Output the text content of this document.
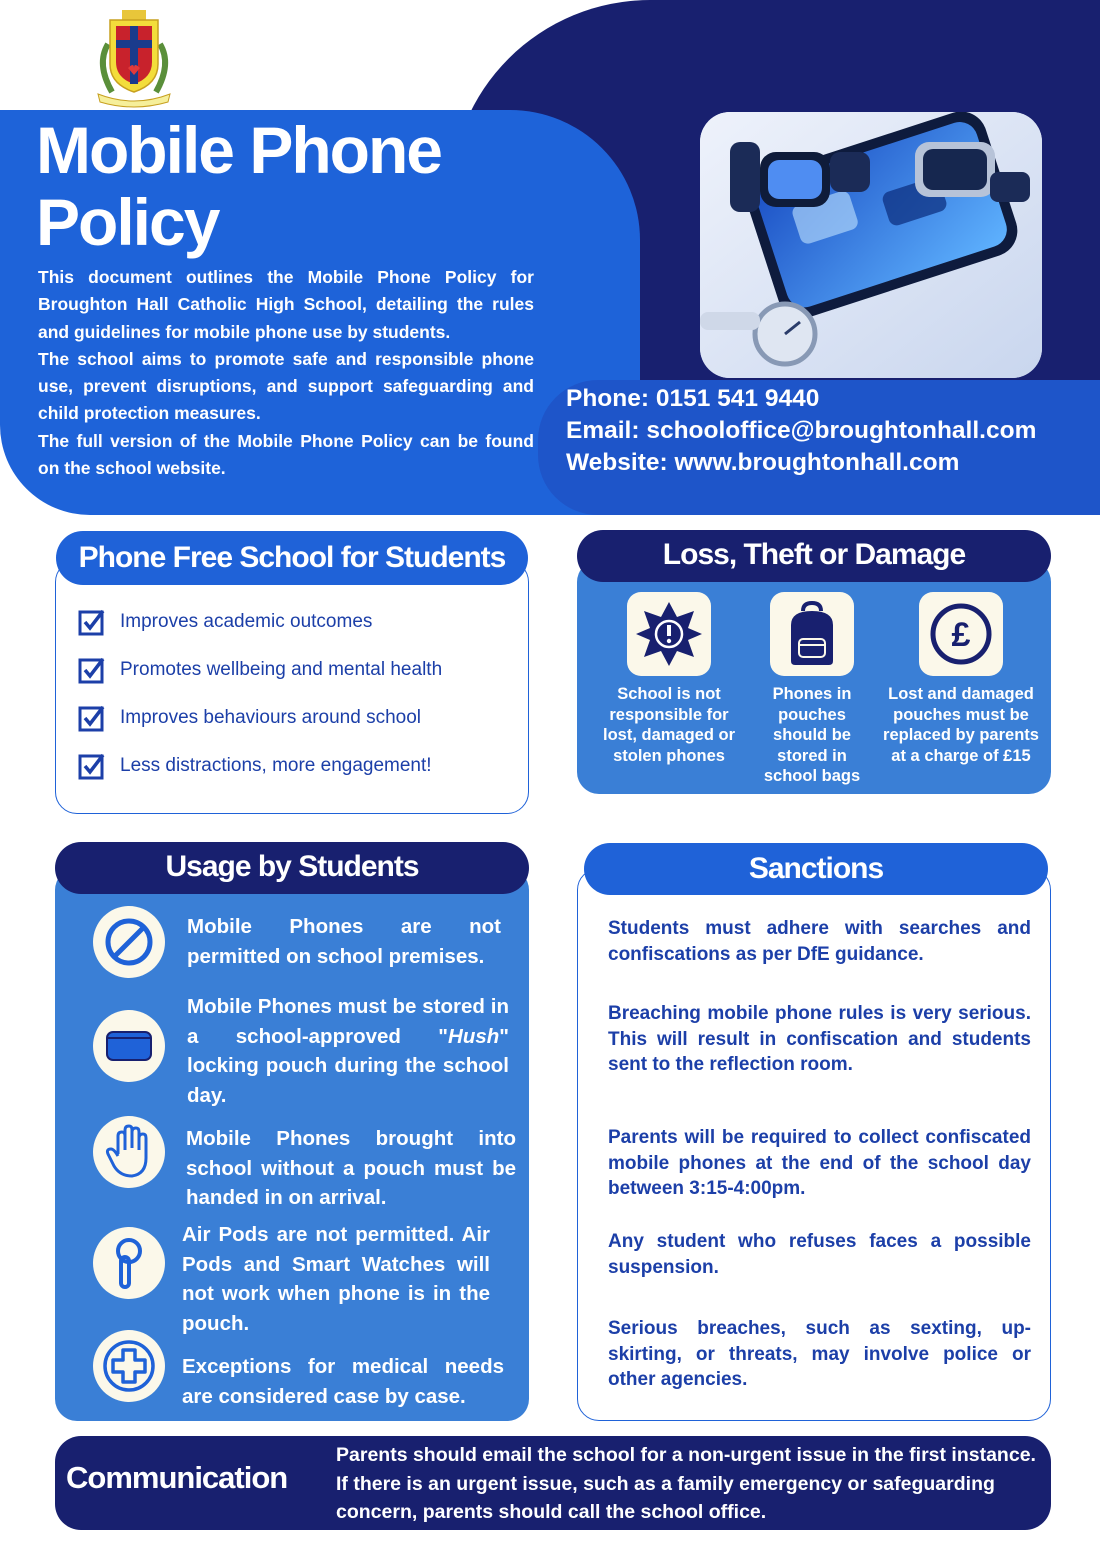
Mobile Phone
Policy

This document outlines the Mobile Phone Policy for Broughton Hall Catholic High School, detailing the rules and guidelines for mobile phone use by students.

The school aims to promote safe and responsible phone use, prevent disruptions, and support safeguarding and child protection measures.

The full version of the Mobile Phone Policy can be found on the school website.

Phone: 0151 541 9440
Email: schooloffice@broughtonhall.com
Website: www.broughtonhall.com
Phone Free School for Students
Improves academic outcomes
Promotes wellbeing and mental health
Improves behaviours around school
Less distractions, more engagement!
Loss, Theft or Damage
School is not responsible for lost, damaged or stolen phones
Phones in pouches should be stored in school bags
£
Lost and damaged pouches must be replaced by parents at a charge of £15
Usage by Students
Mobile Phones are not permitted on school premises.
Mobile Phones must be stored in a school-approved "Hush" locking pouch during the school day.
Mobile Phones brought into school without a pouch must be handed in on arrival.
Air Pods are not permitted. Air Pods and Smart Watches will not work when phone is in the pouch.
Exceptions for medical needs are considered case by case.
Sanctions
Students must adhere with searches and confiscations as per DfE guidance.
Breaching mobile phone rules is very serious. This will result in confiscation and students sent to the reflection room.
Parents will be required to collect confiscated mobile phones at the end of the school day between 3:15-4:00pm.
Any student who refuses faces a possible suspension.
Serious breaches, such as sexting, up-skirting, or threats, may involve police or other agencies.
Communication
Parents should email the school for a non-urgent issue in the first instance. If there is an urgent issue, such as a family emergency or safeguarding concern, parents should call the school office.
